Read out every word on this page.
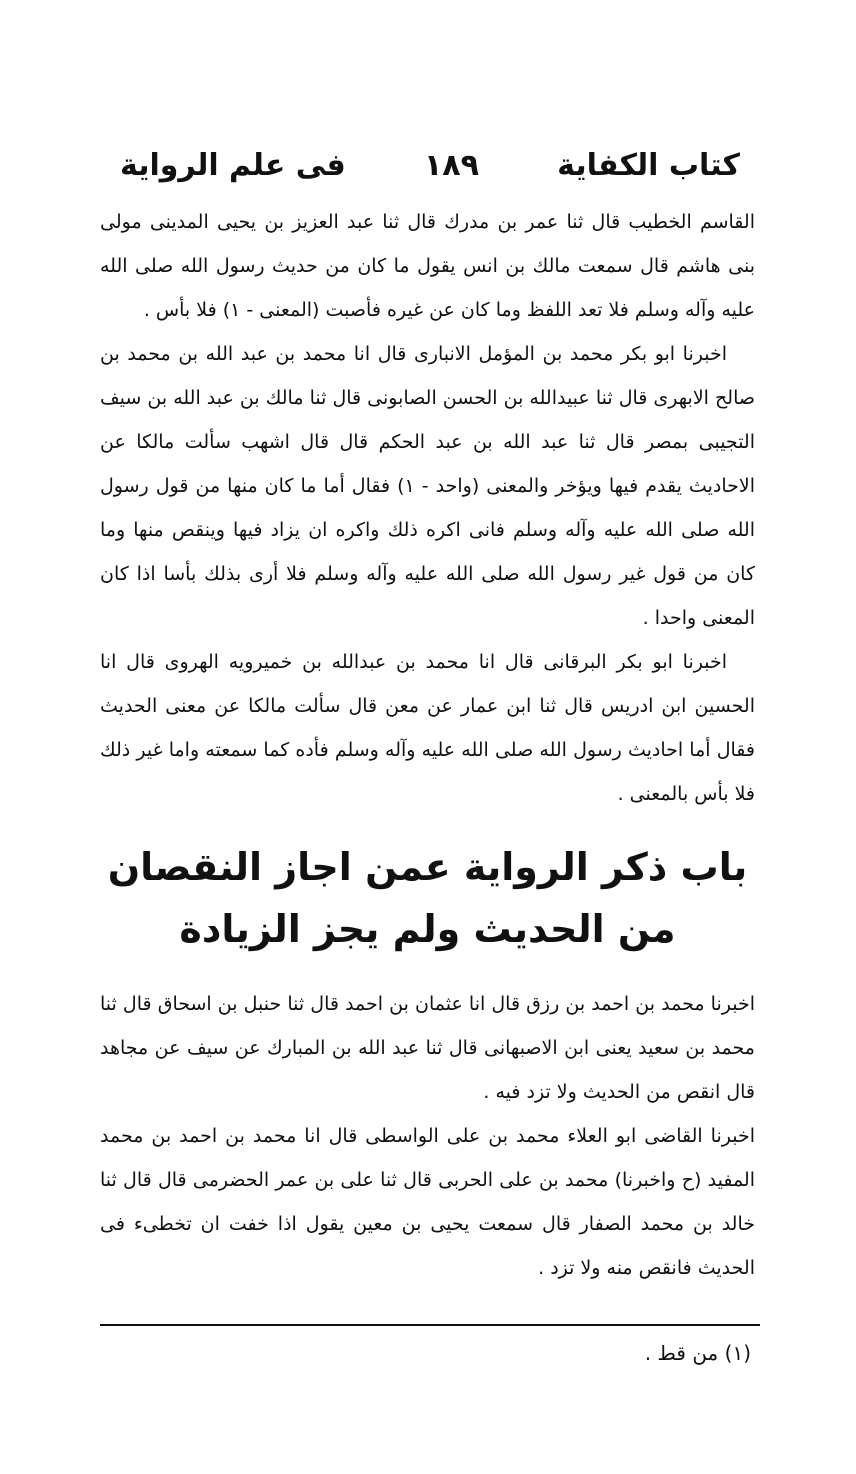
كتاب الكفاية
١٨٩
فى علم الرواية

القاسم الخطيب قال ثنا عمر بن مدرك قال ثنا عبد العزيز بن يحيى المدينى مولى بنى هاشم قال سمعت مالك بن انس يقول ما كان من حديث رسول الله صلى الله عليه وآله وسلم فلا تعد اللفظ وما كان عن غيره فأصبت (المعنى - ١) فلا بأس .

اخبرنا ابو بكر محمد بن المؤمل الانبارى قال انا محمد بن عبد الله بن محمد بن صالح الابهرى قال ثنا عبيدالله بن الحسن الصابونى قال ثنا مالك بن عبد الله بن سيف التجيبى بمصر قال ثنا عبد الله بن عبد الحكم قال قال اشهب سألت مالكا عن الاحاديث يقدم فيها ويؤخر والمعنى (واحد - ١) فقال أما ما كان منها من قول رسول الله صلى الله عليه وآله وسلم فانى اكره ذلك واكره ان يزاد فيها وينقص منها وما كان من قول غير رسول الله صلى الله عليه وآله وسلم فلا أرى بذلك بأسا اذا كان المعنى واحدا .

اخبرنا ابو بكر البرقانى قال انا محمد بن عبدالله بن خميرويه الهروى قال انا الحسين ابن ادريس قال ثنا ابن عمار عن معن قال سألت مالكا عن معنى الحديث فقال أما احاديث رسول الله صلى الله عليه وآله وسلم فأده كما سمعته واما غير ذلك فلا بأس بالمعنى .

باب ذكر الرواية عمن اجاز النقصان
من الحديث ولم يجز الزيادة

اخبرنا محمد بن احمد بن رزق قال انا عثمان بن احمد قال ثنا حنبل بن اسحاق قال ثنا محمد بن سعيد يعنى ابن الاصبهانى قال ثنا عبد الله بن المبارك عن سيف عن مجاهد قال انقص من الحديث ولا تزد فيه .

اخبرنا القاضى ابو العلاء محمد بن على الواسطى قال انا محمد بن احمد بن محمد المفيد (ح واخبرنا) محمد بن على الحربى قال ثنا على بن عمر الحضرمى قال قال ثنا خالد بن محمد الصفار قال سمعت يحيى بن معين يقول اذا خفت ان تخطىء فى الحديث فانقص منه ولا تزد .

(١) من قط .
